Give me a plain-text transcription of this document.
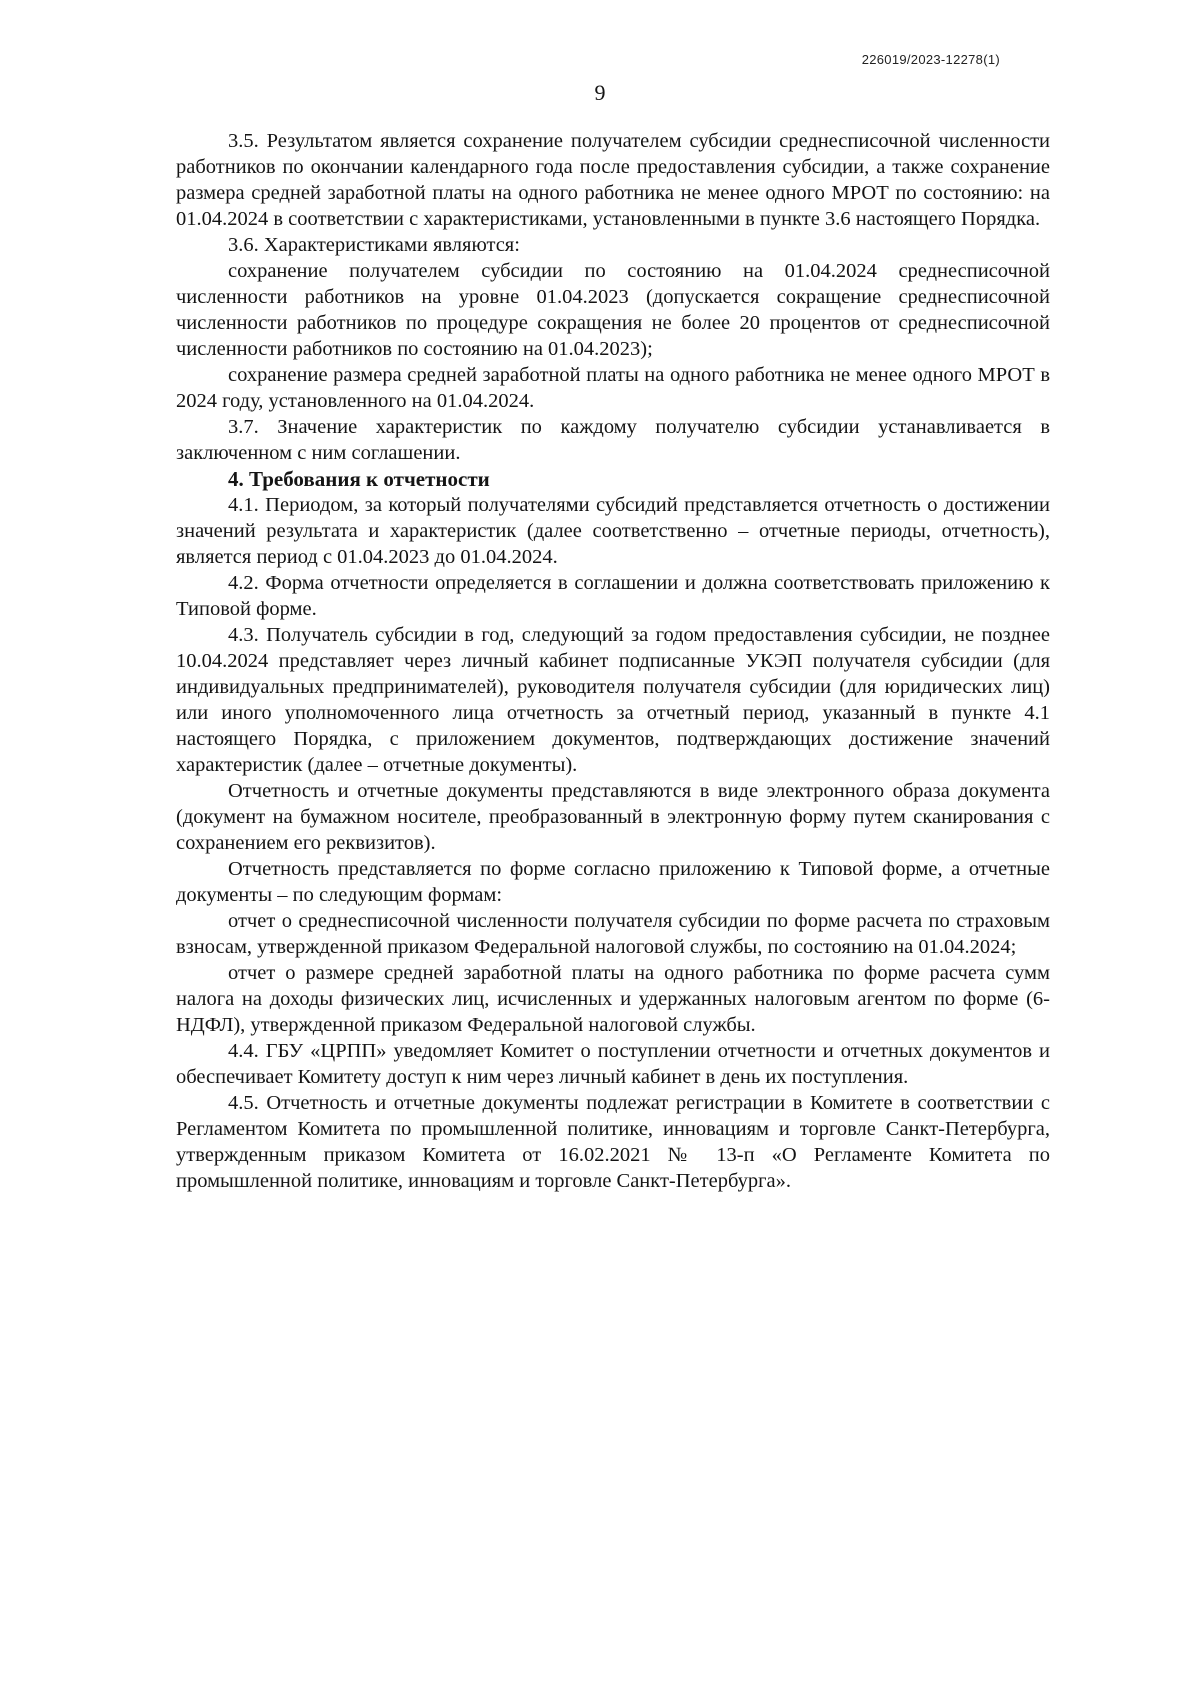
226019/2023-12278(1)
9

3.5. Результатом является сохранение получателем субсидии среднесписочной численности работников по окончании календарного года после предоставления субсидии, а также сохранение размера средней заработной платы на одного работника не менее одного МРОТ по состоянию: на 01.04.2024 в соответствии с характеристиками, установленными в пункте 3.6 настоящего Порядка.

3.6. Характеристиками являются:

сохранение получателем субсидии по состоянию на 01.04.2024 среднесписочной численности работников на уровне 01.04.2023 (допускается сокращение среднесписочной численности работников по процедуре сокращения не более 20 процентов от среднесписочной численности работников по состоянию на 01.04.2023);

сохранение размера средней заработной платы на одного работника не менее одного МРОТ в 2024 году, установленного на 01.04.2024.

3.7. Значение характеристик по каждому получателю субсидии устанавливается в заключенном с ним соглашении.

4. Требования к отчетности

4.1. Периодом, за который получателями субсидий представляется отчетность о достижении значений результата и характеристик (далее соответственно – отчетные периоды, отчетность), является период с 01.04.2023 до 01.04.2024.

4.2. Форма отчетности определяется в соглашении и должна соответствовать приложению к Типовой форме.

4.3. Получатель субсидии в год, следующий за годом предоставления субсидии, не позднее 10.04.2024 представляет через личный кабинет подписанные УКЭП получателя субсидии (для индивидуальных предпринимателей), руководителя получателя субсидии (для юридических лиц) или иного уполномоченного лица отчетность за отчетный период, указанный в пункте 4.1 настоящего Порядка, с приложением документов, подтверждающих достижение значений характеристик (далее – отчетные документы).

Отчетность и отчетные документы представляются в виде электронного образа документа (документ на бумажном носителе, преобразованный в электронную форму путем сканирования с сохранением его реквизитов).

Отчетность представляется по форме согласно приложению к Типовой форме, а отчетные документы – по следующим формам:

отчет о среднесписочной численности получателя субсидии по форме расчета по страховым взносам, утвержденной приказом Федеральной налоговой службы, по состоянию на 01.04.2024;

отчет о размере средней заработной платы на одного работника по форме расчета сумм налога на доходы физических лиц, исчисленных и удержанных налоговым агентом по форме (6-НДФЛ), утвержденной приказом Федеральной налоговой службы.

4.4. ГБУ «ЦРПП» уведомляет Комитет о поступлении отчетности и отчетных документов и обеспечивает Комитету доступ к ним через личный кабинет в день их поступления.

4.5. Отчетность и отчетные документы подлежат регистрации в Комитете в соответствии с Регламентом Комитета по промышленной политике, инновациям и торговле Санкт-Петербурга, утвержденным приказом Комитета от 16.02.2021 № 13-п «О Регламенте Комитета по промышленной политике, инновациям и торговле Санкт-Петербурга».
